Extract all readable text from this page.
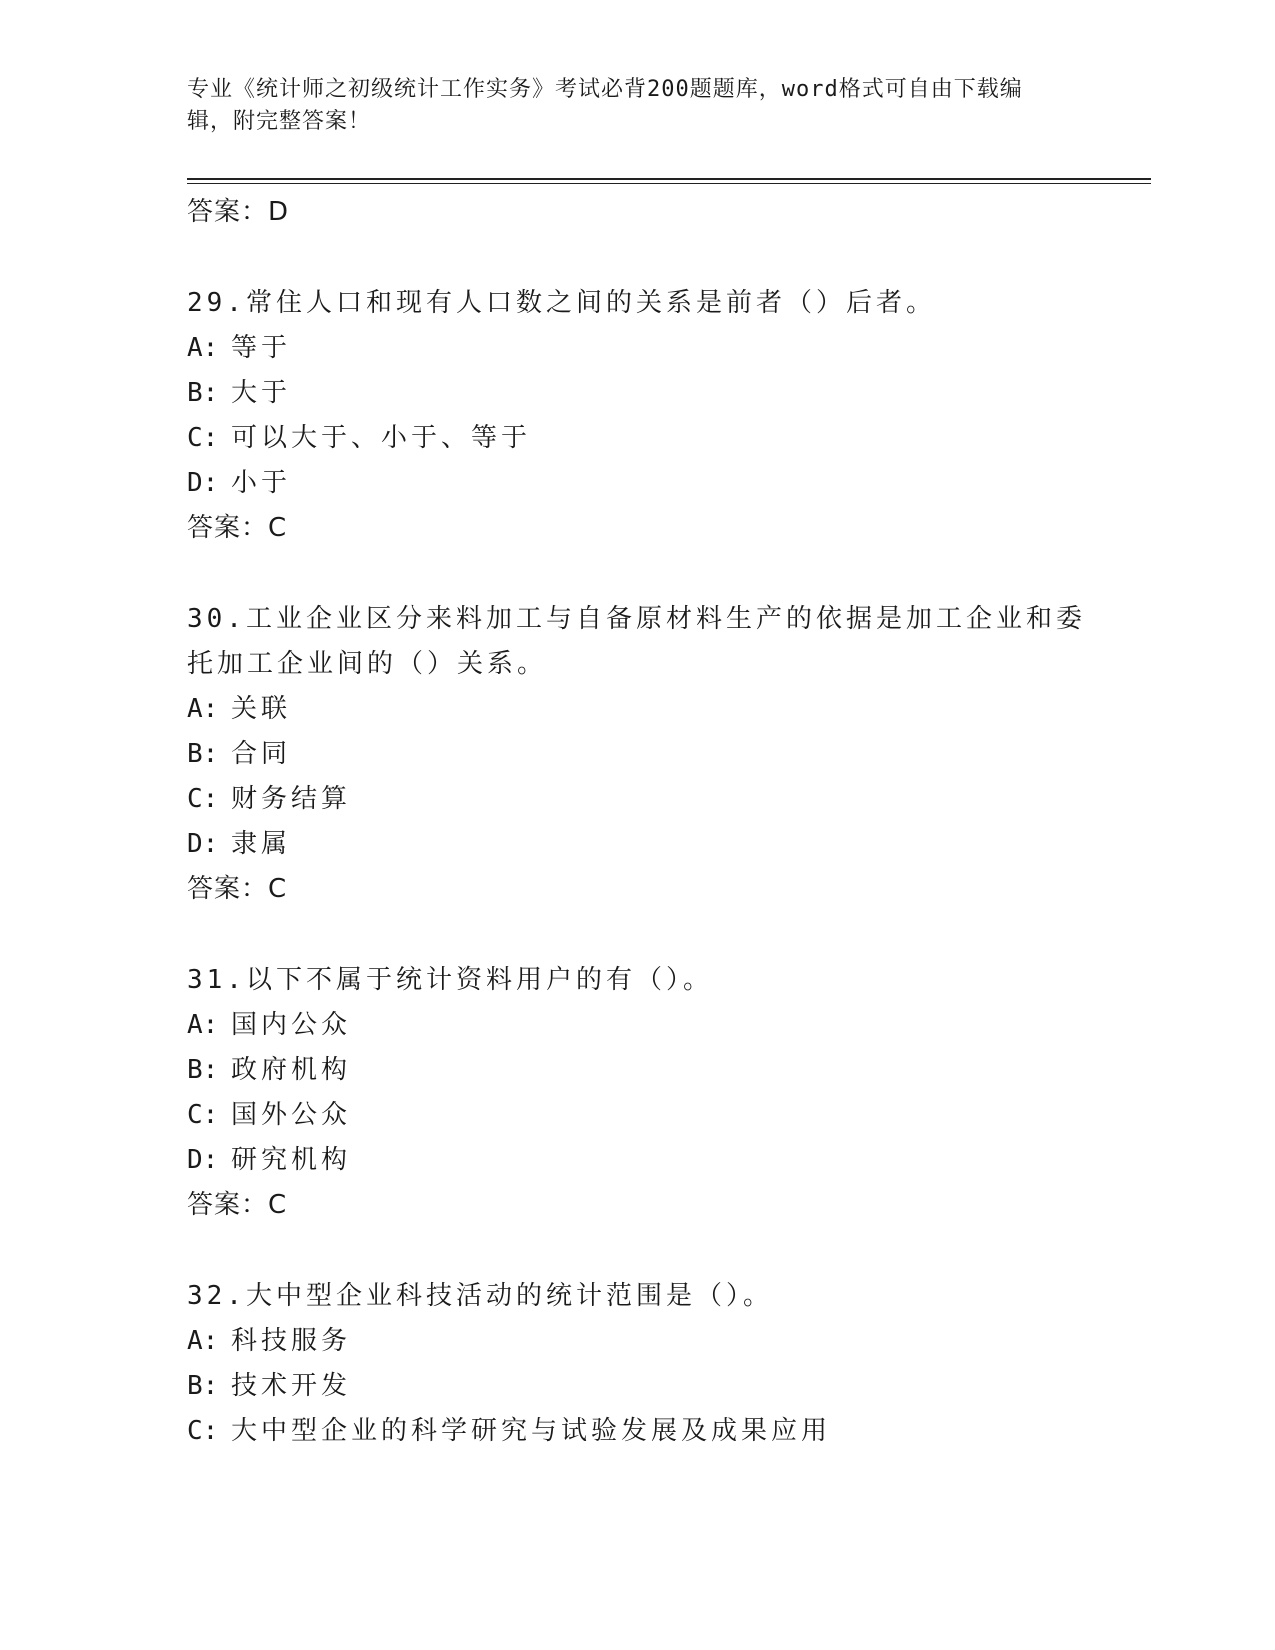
专业《统计师之初级统计工作实务》考试必背200题题库，word格式可自由下载编辑，附完整答案！
答案：D
29.常住人口和现有人口数之间的关系是前者（）后者。
A: 等于
B: 大于
C: 可以大于、小于、等于
D: 小于
答案：C
30.工业企业区分来料加工与自备原材料生产的依据是加工企业和委托加工企业间的（）关系。
A: 关联
B: 合同
C: 财务结算
D: 隶属
答案：C
31.以下不属于统计资料用户的有（）。
A: 国内公众
B: 政府机构
C: 国外公众
D: 研究机构
答案：C
32.大中型企业科技活动的统计范围是（）。
A: 科技服务
B: 技术开发
C: 大中型企业的科学研究与试验发展及成果应用
